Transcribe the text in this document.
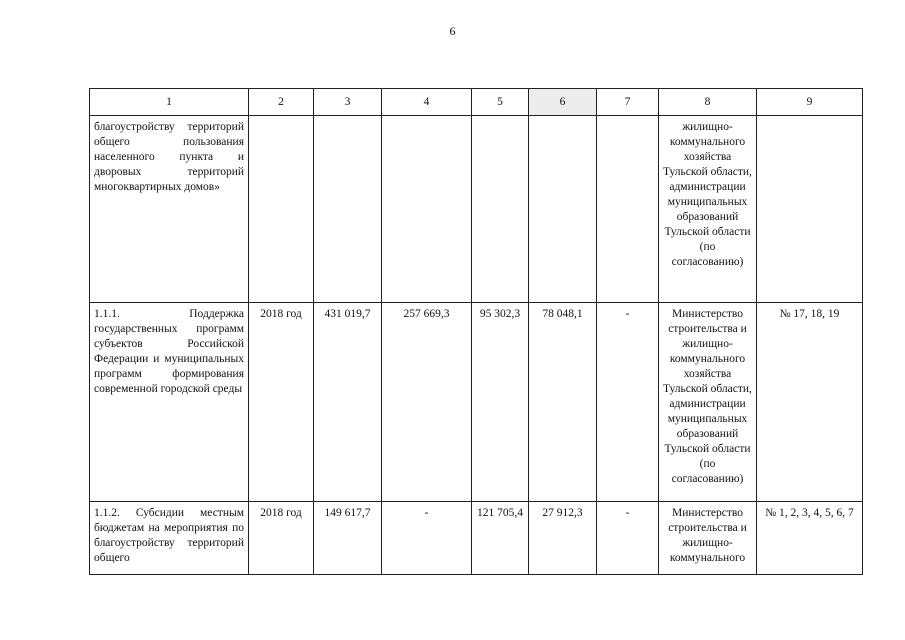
6
1	2	3	4	5	6	7	8	9
благоустройству территорий общего пользования населенного пункта и дворовых территорий многоквартирных домов»							жилищно-коммунального хозяйства Тульской области, администрации муниципальных образований Тульской области (по согласованию)	
1.1.1. Поддержка государственных программ субъектов Российской Федерации и муниципальных программ формирования современной городской среды	2018 год	431 019,7	257 669,3	95 302,3	78 048,1	-	Министерство строительства и жилищно-коммунального хозяйства Тульской области, администрации муниципальных образований Тульской области (по согласованию)	№ 17, 18, 19
1.1.2. Субсидии местным бюджетам на мероприятия по благоустройству территорий общего	2018 год	149 617,7	-	121 705,4	27 912,3	-	Министерство строительства и жилищно-коммунального	№ 1, 2, 3, 4, 5, 6, 7
